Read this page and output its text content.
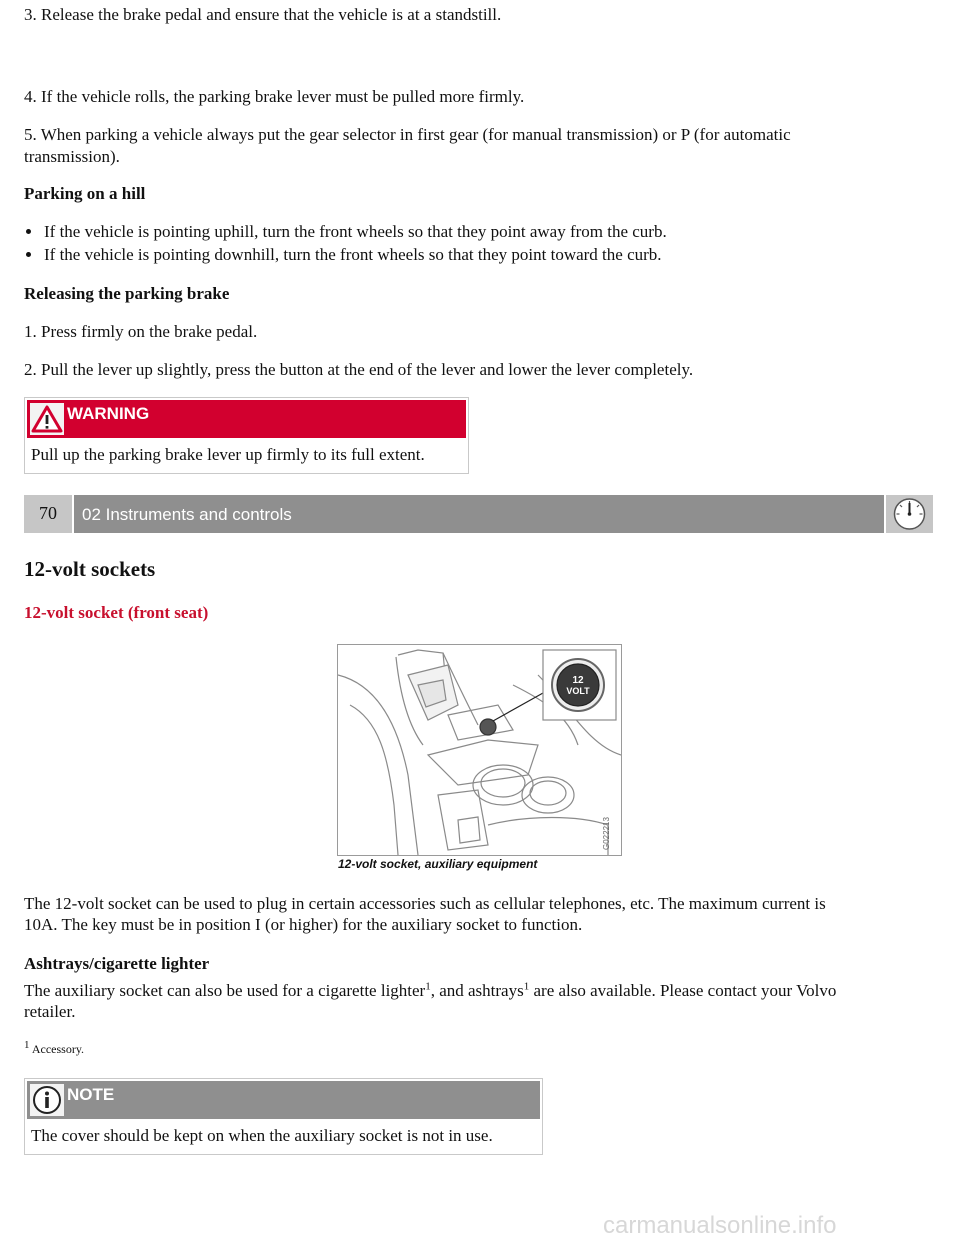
3. Release the brake pedal and ensure that the vehicle is at a standstill.
4. If the vehicle rolls, the parking brake lever must be pulled more firmly.
5. When parking a vehicle always put the gear selector in first gear (for manual transmission) or P (for automatic
transmission).
Parking on a hill
If the vehicle is pointing uphill, turn the front wheels so that they point away from the curb.
If the vehicle is pointing downhill, turn the front wheels so that they point toward the curb.
Releasing the parking brake
1. Press firmly on the brake pedal.
2. Pull the lever up slightly, press the button at the end of the lever and lower the lever completely.
WARNING
Pull up the parking brake lever up firmly to its full extent.
70	02 Instruments and controls
12-volt sockets
12-volt socket (front seat)
12
VOLT
G022213
12-volt socket, auxiliary equipment
The 12-volt socket can be used to plug in certain accessories such as cellular telephones, etc. The maximum current is
10A. The key must be in position I (or higher) for the auxiliary socket to function.
Ashtrays/cigarette lighter
The auxiliary socket can also be used for a cigarette lighter$^1$, and ashtrays$^1$ are also available. Please contact your Volvo
retailer.
$^1$ Accessory.
NOTE
The cover should be kept on when the auxiliary socket is not in use.
carmanualsonline.info
